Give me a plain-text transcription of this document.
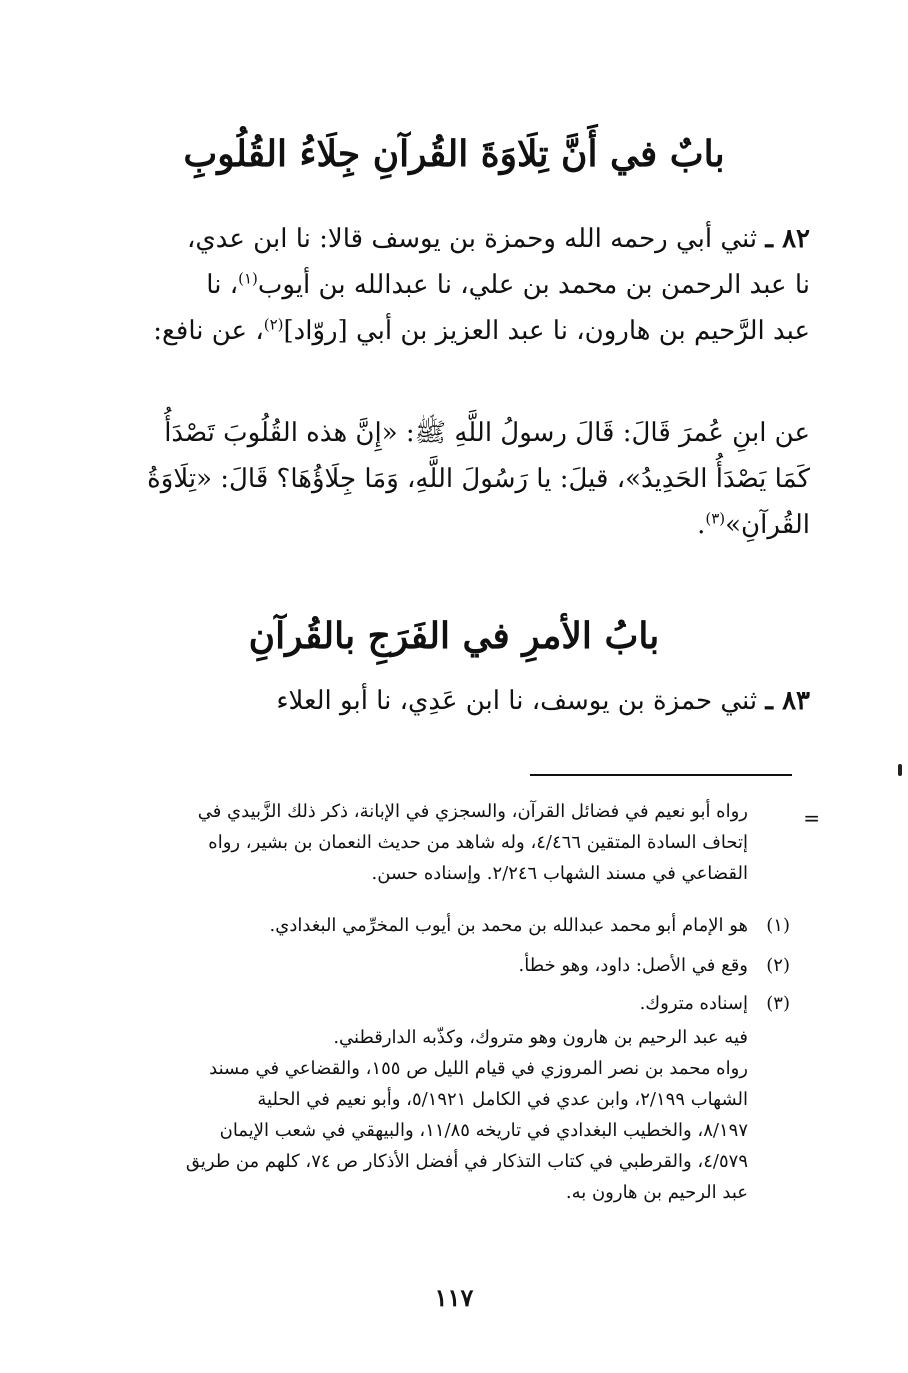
بابٌ في أَنَّ تِلَاوَةَ القُرآنِ جِلَاءُ القُلُوبِ
٨٢ ـ ثني أبي رحمه الله وحمزة بن يوسف قالا: نا ابن عدي،
نا عبد الرحمن بن محمد بن علي، نا عبدالله بن أيوب$^{(١)}$، نا
عبد الرَّحيم بن هارون، نا عبد العزيز بن أبي [روّاد]$^{(٢)}$، عن نافع:
عن ابنِ عُمرَ قَالَ: قَالَ رسولُ اللَّهِ ﷺ: «إِنَّ هذه القُلُوبَ تَصْدَأُ
كَمَا يَصْدَأُ الحَدِيدُ»، قيلَ: يا رَسُولَ اللَّهِ، وَمَا جِلَاؤُهَا؟ قَالَ: «تِلَاوَةُ
القُرآنِ»$^{(٣)}$.
بابُ الأمرِ في الفَرَجِ بالقُرآنِ
٨٣ ـ ثني حمزة بن يوسف، نا ابن عَدِي، نا أبو العلاء
=
رواه أبو نعيم في فضائل القرآن، والسجزي في الإبانة، ذكر ذلك الزَّبيدي في
إتحاف السادة المتقين ٤/٤٦٦، وله شاهد من حديث النعمان بن بشير، رواه
القضاعي في مسند الشهاب ٢/٢٤٦. وإسناده حسن.
(١)
هو الإمام أبو محمد عبدالله بن محمد بن أيوب المخرِّمي البغدادي.
(٢)
وقع في الأصل: داود، وهو خطأ.
(٣)
إسناده متروك.
فيه عبد الرحيم بن هارون وهو متروك، وكذّبه الدارقطني.
رواه محمد بن نصر المروزي في قيام الليل ص ١٥٥، والقضاعي في مسند
الشهاب ٢/١٩٩، وابن عدي في الكامل ٥/١٩٢١، وأبو نعيم في الحلية
٨/١٩٧، والخطيب البغدادي في تاريخه ١١/٨٥، والبيهقي في شعب الإيمان
٤/٥٧٩، والقرطبي في كتاب التذكار في أفضل الأذكار ص ٧٤، كلهم من طريق
عبد الرحيم بن هارون به.
١١٧
